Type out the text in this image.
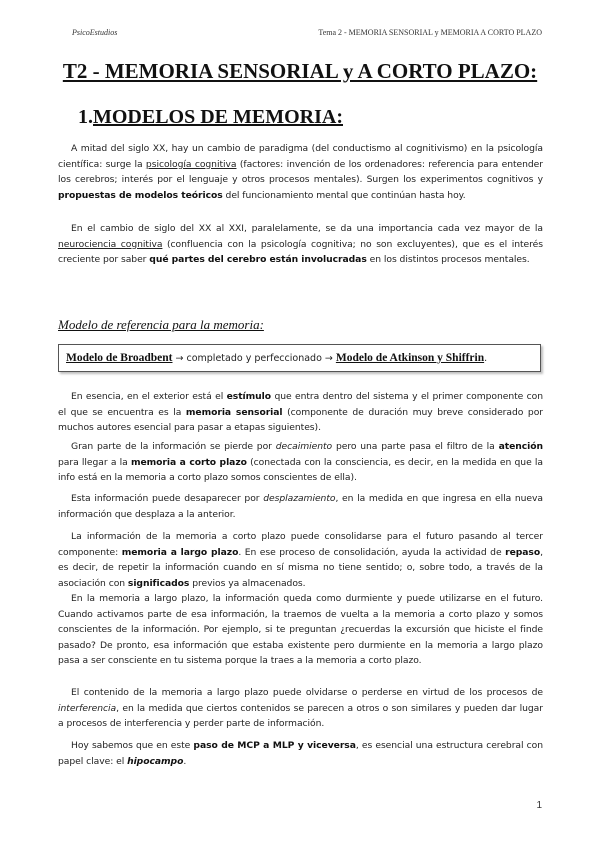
PsicoEstudios	Tema 2 - MEMORIA SENSORIAL y MEMORIA A CORTO PLAZO
T2 - MEMORIA SENSORIAL y A CORTO PLAZO:
1.MODELOS DE MEMORIA:
A mitad del siglo XX, hay un cambio de paradigma (del conductismo al cognitivismo) en la psicología científica: surge la psicología cognitiva (factores: invención de los ordenadores: referencia para entender los cerebros; interés por el lenguaje y otros procesos mentales). Surgen los experimentos cognitivos y propuestas de modelos teóricos del funcionamiento mental que continúan hasta hoy.
En el cambio de siglo del XX al XXI, paralelamente, se da una importancia cada vez mayor de la neurociencia cognitiva (confluencia con la psicología cognitiva; no son excluyentes), que es el interés creciente por saber qué partes del cerebro están involucradas en los distintos procesos mentales.
Modelo de referencia para la memoria:
Modelo de Broadbent → completado y perfeccionado → Modelo de Atkinson y Shiffrin .
En esencia, en el exterior está el estímulo que entra dentro del sistema y el primer componente con el que se encuentra es la memoria sensorial (componente de duración muy breve considerado por muchos autores esencial para pasar a etapas siguientes).
Gran parte de la información se pierde por decaimiento pero una parte pasa el filtro de la atención para llegar a la memoria a corto plazo (conectada con la consciencia, es decir, en la medida en que la info está en la memoria a corto plazo somos conscientes de ella).
Esta información puede desaparecer por desplazamiento, en la medida en que ingresa en ella nueva información que desplaza a la anterior.
La información de la memoria a corto plazo puede consolidarse para el futuro pasando al tercer componente: memoria a largo plazo. En ese proceso de consolidación, ayuda la actividad de repaso, es decir, de repetir la información cuando en sí misma no tiene sentido; o, sobre todo, a través de la asociación con significados previos ya almacenados.
En la memoria a largo plazo, la información queda como durmiente y puede utilizarse en el futuro. Cuando activamos parte de esa información, la traemos de vuelta a la memoria a corto plazo y somos conscientes de la información. Por ejemplo, si te preguntan ¿recuerdas la excursión que hiciste el finde pasado? De pronto, esa información que estaba existente pero durmiente en la memoria a largo plazo pasa a ser consciente en tu sistema porque la traes a la memoria a corto plazo.
El contenido de la memoria a largo plazo puede olvidarse o perderse en virtud de los procesos de interferencia, en la medida que ciertos contenidos se parecen a otros o son similares y pueden dar lugar a procesos de interferencia y perder parte de información.
Hoy sabemos que en este paso de MCP a MLP y viceversa, es esencial una estructura cerebral con papel clave: el hipocampo.
1
